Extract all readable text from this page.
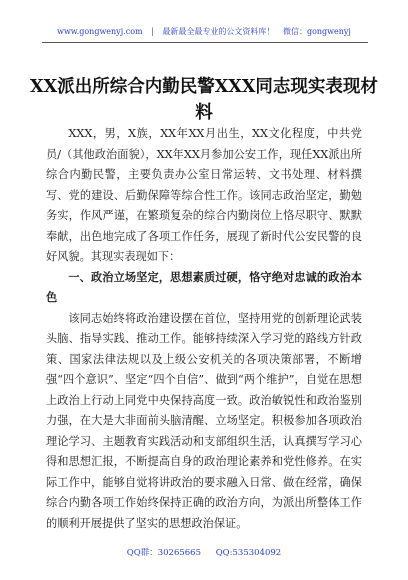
www.gongwenyj.com | 最新最全最专业的公文资料库！ 微信：gongwenyj
XX派出所综合内勤民警XXX同志现实表现材料

XXX，男，X族，XX年XX月出生，XX文化程度，中共党员/（其他政治面貌），XX年XX月参加公安工作，现任XX派出所综合内勤民警，主要负责办公室日常运转、文书处理、材料撰写、党的建设、后勤保障等综合性工作。该同志政治坚定，勤勉务实，作风严谨，在繁琐复杂的综合内勤岗位上恪尽职守、默默奉献，出色地完成了各项工作任务，展现了新时代公安民警的良好风貌。其现实表现如下：

一、政治立场坚定，思想素质过硬，恪守绝对忠诚的政治本色

该同志始终将政治建设摆在首位，坚持用党的创新理论武装头脑、指导实践、推动工作。能够持续深入学习党的路线方针政策、国家法律法规以及上级公安机关的各项决策部署，不断增强“四个意识”、坚定“四个自信”、做到“两个维护”，自觉在思想上政治上行动上同党中央保持高度一致。政治敏锐性和政治鉴别力强，在大是大非面前头脑清醒、立场坚定。积极参加各项政治理论学习、主题教育实践活动和支部组织生活，认真撰写学习心得和思想汇报，不断提高自身的政治理论素养和党性修养。在实际工作中，能够自觉将讲政治的要求融入日常、做在经常，确保综合内勤各项工作始终保持正确的政治方向，为派出所整体工作的顺利开展提供了坚实的思想政治保证。

QQ群：30265665 QQ:535304092
